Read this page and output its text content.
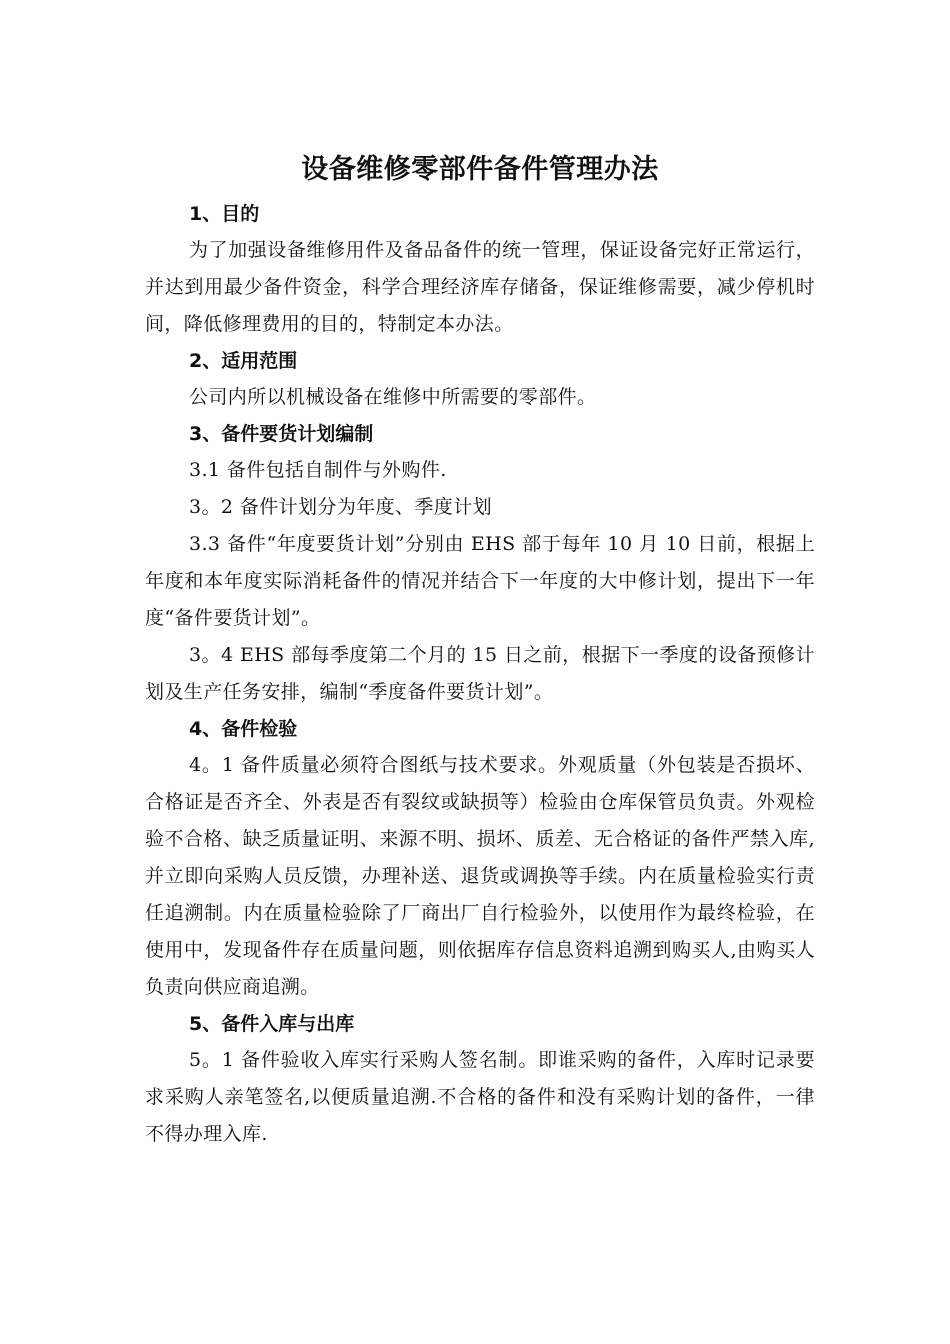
设备维修零部件备件管理办法
1、目的

为了加强设备维修用件及备品备件的统一管理，保证设备完好正常运行，并达到用最少备件资金，科学合理经济库存储备，保证维修需要，减少停机时间，降低修理费用的目的，特制定本办法。

2、适用范围

公司内所以机械设备在维修中所需要的零部件。

3、备件要货计划编制

3.1 备件包括自制件与外购件.

3。2 备件计划分为年度、季度计划

3.3 备件“年度要货计划”分别由 EHS 部于每年 10 月 10 日前，根据上年度和本年度实际消耗备件的情况并结合下一年度的大中修计划，提出下一年度“备件要货计划”。

3。4 EHS 部每季度第二个月的 15 日之前，根据下一季度的设备预修计划及生产任务安排，编制“季度备件要货计划”。

4、备件检验

4。1 备件质量必须符合图纸与技术要求。外观质量（外包装是否损坏、合格证是否齐全、外表是否有裂纹或缺损等）检验由仓库保管员负责。外观检验不合格、缺乏质量证明、来源不明、损坏、质差、无合格证的备件严禁入库,并立即向采购人员反馈，办理补送、退货或调换等手续。内在质量检验实行责任追溯制。内在质量检验除了厂商出厂自行检验外，以使用作为最终检验，在使用中，发现备件存在质量问题，则依据库存信息资料追溯到购买人,由购买人负责向供应商追溯。

5、备件入库与出库

5。1 备件验收入库实行采购人签名制。即谁采购的备件，入库时记录要求采购人亲笔签名,以便质量追溯.不合格的备件和没有采购计划的备件，一律不得办理入库.
